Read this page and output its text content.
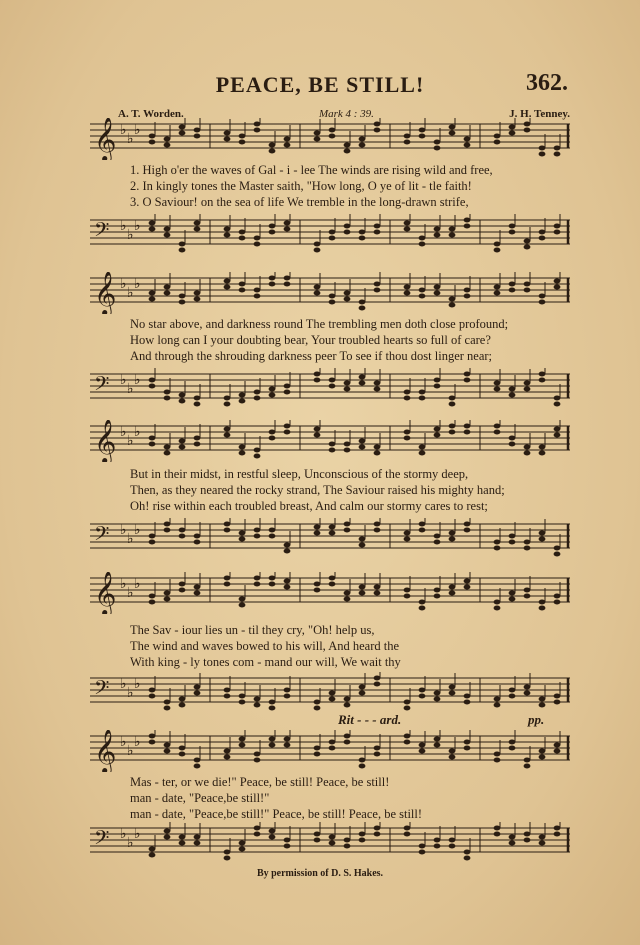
PEACE, BE STILL!	362.
A. T. Worden.	Mark 4 : 39.	J. H. Tenney.
𝄞 ♭
♭
♭
1. High o'er the waves of Gal - i - lee The winds are rising wild and free,
2. In kingly tones the Master saith, "How long, O ye of lit - tle faith!
3. O Saviour! on the sea of life We tremble in the long-drawn strife,
𝄢 ♭
♭
♭
𝄞 ♭
♭
♭
No star above, and darkness round The trembling men doth close profound;
How long can I your doubting bear, Your troubled hearts so full of care?
And through the shrouding darkness peer To see if thou dost linger near;
𝄢 ♭
♭
♭
𝄞 ♭
♭
♭
But in their midst, in restful sleep, Unconscious of the stormy deep,
Then, as they neared the rocky strand, The Saviour raised his mighty hand;
Oh! rise within each troubled breast, And calm our stormy cares to rest;
𝄢 ♭
♭
♭
𝄞 ♭
♭
♭
The Sav - iour lies un - til they cry, "Oh! help us,
The wind and waves bowed to his will, And heard the
With king - ly tones com - mand our will, We wait thy
𝄢 ♭
♭
♭
Rit - - - ard.	pp.
𝄞 ♭
♭
♭
Mas - ter, or we die!" Peace, be still! Peace, be still!
man - date, "Peace,be still!"
man - date, "Peace,be still!" Peace, be still! Peace, be still!
𝄢 ♭
♭
♭
By permission of D. S. Hakes.
